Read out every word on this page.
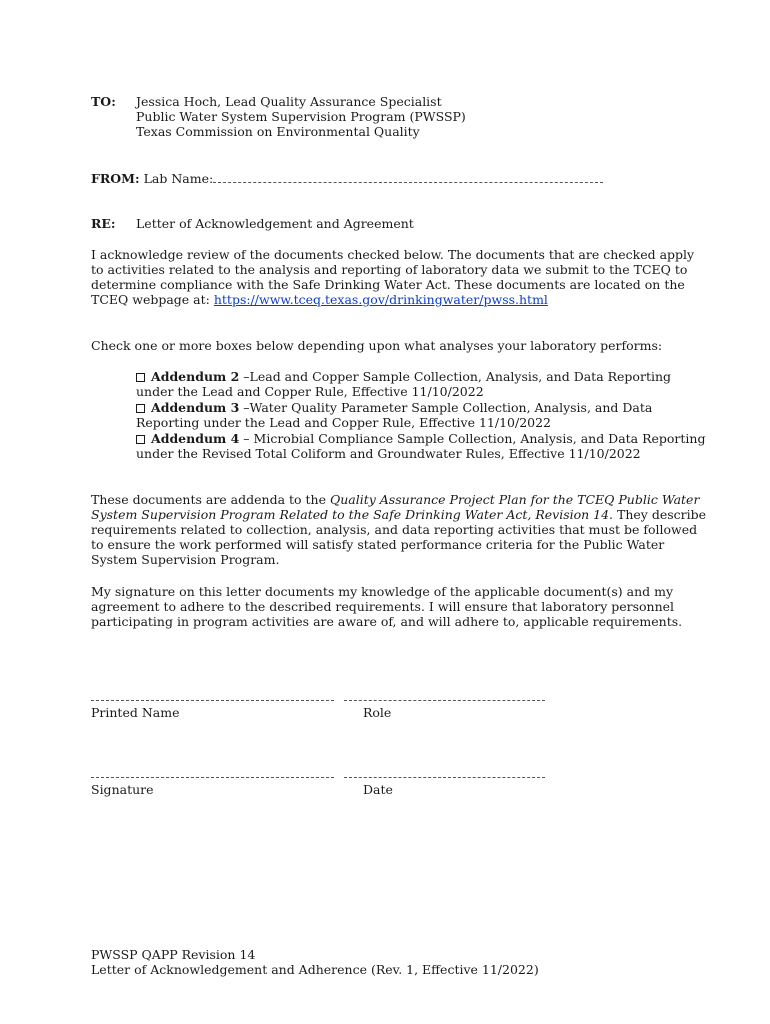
TO: Jessica Hoch, Lead Quality Assurance Specialist
Public Water System Supervision Program (PWSSP)
Texas Commission on Environmental Quality
FROM: Lab Name:
RE: Letter of Acknowledgement and Agreement
I acknowledge review of the documents checked below. The documents that are checked apply
to activities related to the analysis and reporting of laboratory data we submit to the TCEQ to
determine compliance with the Safe Drinking Water Act. These documents are located on the
TCEQ webpage at: https://www.tceq.texas.gov/drinkingwater/pwss.html
Check one or more boxes below depending upon what analyses your laboratory performs:
Addendum 2 –Lead and Copper Sample Collection, Analysis, and Data Reporting
under the Lead and Copper Rule, Effective 11/10/2022
Addendum 3 –Water Quality Parameter Sample Collection, Analysis, and Data
Reporting under the Lead and Copper Rule, Effective 11/10/2022
Addendum 4 – Microbial Compliance Sample Collection, Analysis, and Data Reporting
under the Revised Total Coliform and Groundwater Rules, Effective 11/10/2022
These documents are addenda to the Quality Assurance Project Plan for the TCEQ Public Water
System Supervision Program Related to the Safe Drinking Water Act, Revision 14. They describe
requirements related to collection, analysis, and data reporting activities that must be followed
to ensure the work performed will satisfy stated performance criteria for the Public Water
System Supervision Program.
My signature on this letter documents my knowledge of the applicable document(s) and my
agreement to adhere to the described requirements. I will ensure that laboratory personnel
participating in program activities are aware of, and will adhere to, applicable requirements.
Printed Name	Role
Signature	Date
PWSSP QAPP Revision 14
Letter of Acknowledgement and Adherence (Rev. 1, Effective 11/2022)
